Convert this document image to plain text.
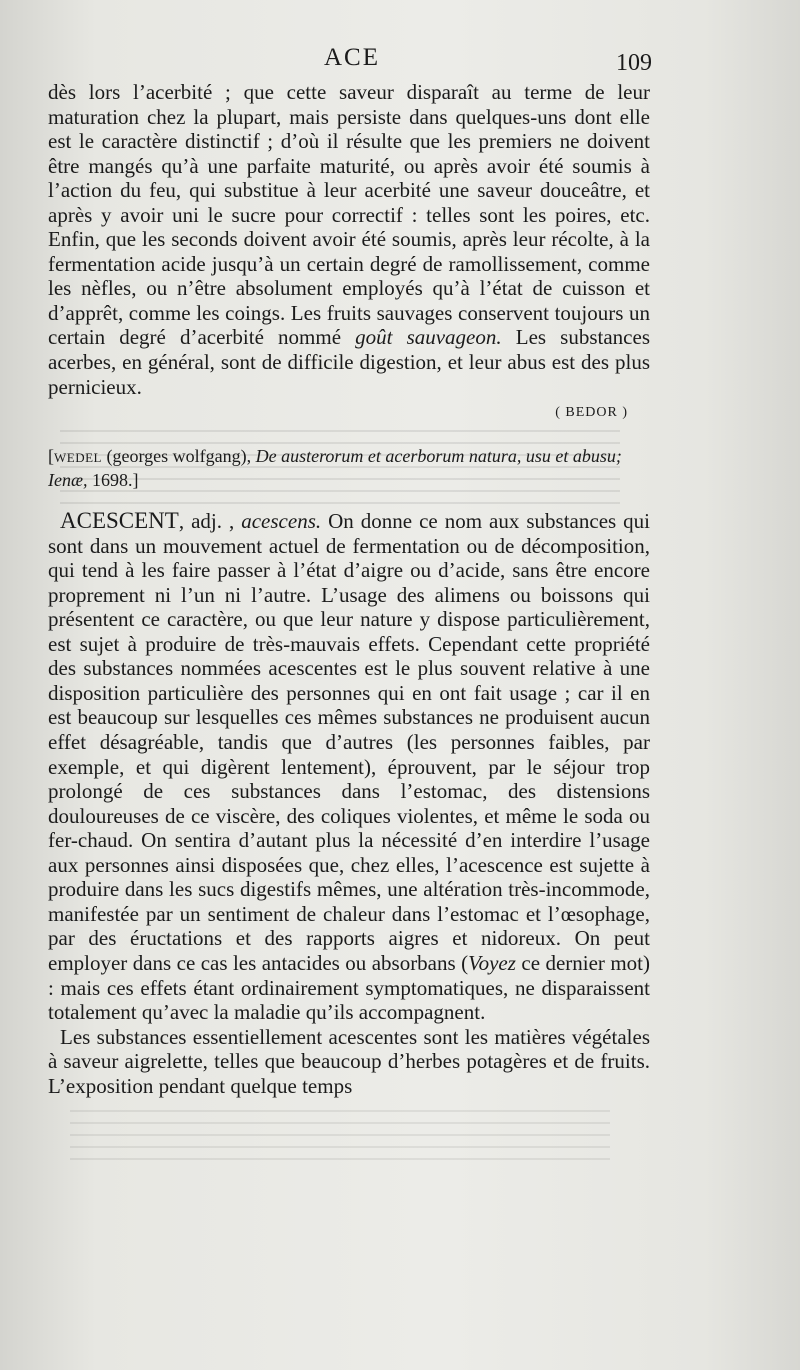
ACE	109

dès lors l’acerbité ; que cette saveur disparaît au terme de leur maturation chez la plupart, mais persiste dans quelques-uns dont elle est le caractère distinctif ; d’où il résulte que les premiers ne doivent être mangés qu’à une parfaite maturité, ou après avoir été soumis à l’action du feu, qui substitue à leur acerbité une saveur douceâtre, et après y avoir uni le sucre pour correctif : telles sont les poires, etc. Enfin, que les seconds doivent avoir été soumis, après leur récolte, à la fermentation acide jusqu’à un certain degré de ramollissement, comme les nèfles, ou n’être absolument employés qu’à l’état de cuisson et d’apprêt, comme les coings. Les fruits sauvages conservent toujours un certain degré d’acerbité nommé goût sauvageon. Les substances acerbes, en général, sont de difficile digestion, et leur abus est des plus pernicieux.

( BEDOR )
[WEDEL (georges wolfgang), De austerorum et acerborum natura, usu et abusu; Ienæ, 1698.]

ACESCENT, adj. , acescens. On donne ce nom aux substances qui sont dans un mouvement actuel de fermentation ou de décomposition, qui tend à les faire passer à l’état d’aigre ou d’acide, sans être encore proprement ni l’un ni l’autre. L’usage des alimens ou boissons qui présentent ce caractère, ou que leur nature y dispose particulièrement, est sujet à produire de très-mauvais effets. Cependant cette propriété des substances nommées acescentes est le plus souvent relative à une disposition particulière des personnes qui en ont fait usage ; car il en est beaucoup sur lesquelles ces mêmes substances ne produisent aucun effet désagréable, tandis que d’autres (les personnes faibles, par exemple, et qui digèrent lentement), éprouvent, par le séjour trop prolongé de ces substances dans l’estomac, des distensions douloureuses de ce viscère, des coliques violentes, et même le soda ou fer-chaud. On sentira d’autant plus la nécessité d’en interdire l’usage aux personnes ainsi disposées que, chez elles, l’acescence est sujette à produire dans les sucs digestifs mêmes, une altération très-incommode, manifestée par un sentiment de chaleur dans l’estomac et l’œsophage, par des éructations et des rapports aigres et nidoreux. On peut employer dans ce cas les antacides ou absorbans (Voyez ce dernier mot) : mais ces effets étant ordinairement symptomatiques, ne disparaissent totalement qu’avec la maladie qu’ils accompagnent.

Les substances essentiellement acescentes sont les matières végétales à saveur aigrelette, telles que beaucoup d’herbes potagères et de fruits. L’exposition pendant quelque temps
